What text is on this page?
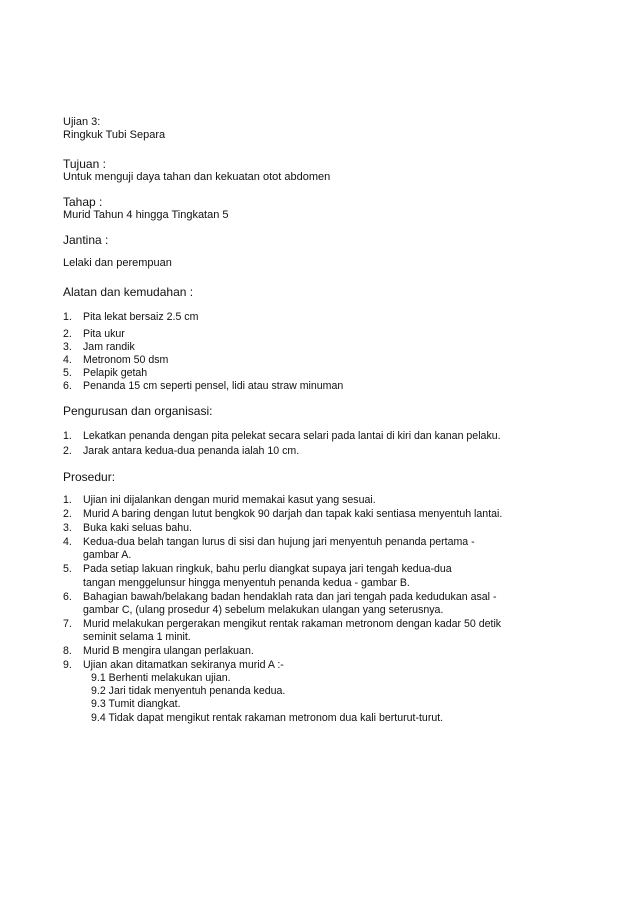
Ujian 3:
Ringkuk Tubi Separa
Tujuan :
Untuk menguji daya tahan dan kekuatan otot abdomen
Tahap :
Murid Tahun 4 hingga Tingkatan 5
Jantina :
Lelaki dan perempuan
Alatan dan kemudahan :
1.	Pita lekat bersaiz 2.5 cm
2.	Pita ukur
3.	Jam randik
4.	Metronom 50 dsm
5.	Pelapik getah
6.	Penanda 15 cm seperti pensel, lidi atau straw minuman
Pengurusan dan organisasi:
1.	Lekatkan penanda dengan pita pelekat secara selari pada lantai di kiri dan kanan pelaku.
2.	Jarak antara kedua-dua penanda ialah 10 cm.
Prosedur:
1.	Ujian ini dijalankan dengan murid memakai kasut yang sesuai.
2.	Murid A baring dengan lutut bengkok 90 darjah dan tapak kaki sentiasa menyentuh lantai.
3.	Buka kaki seluas bahu.
4.	Kedua-dua belah tangan lurus di sisi dan hujung jari menyentuh penanda pertama -
gambar A.
5.	Pada setiap lakuan ringkuk, bahu perlu diangkat supaya jari tengah kedua-dua
tangan menggelunsur hingga menyentuh penanda kedua - gambar B.
6.	Bahagian bawah/belakang badan hendaklah rata dan jari tengah pada kedudukan asal -
gambar C, (ulang prosedur 4) sebelum melakukan ulangan yang seterusnya.
7.	Murid melakukan pergerakan mengikut rentak rakaman metronom dengan kadar 50 detik
seminit selama 1 minit.
8.	Murid B mengira ulangan perlakuan.
9.	Ujian akan ditamatkan sekiranya murid A :-
9.1 Berhenti melakukan ujian.
9.2 Jari tidak menyentuh penanda kedua.
9.3 Tumit diangkat.
9.4 Tidak dapat mengikut rentak rakaman metronom dua kali berturut-turut.
